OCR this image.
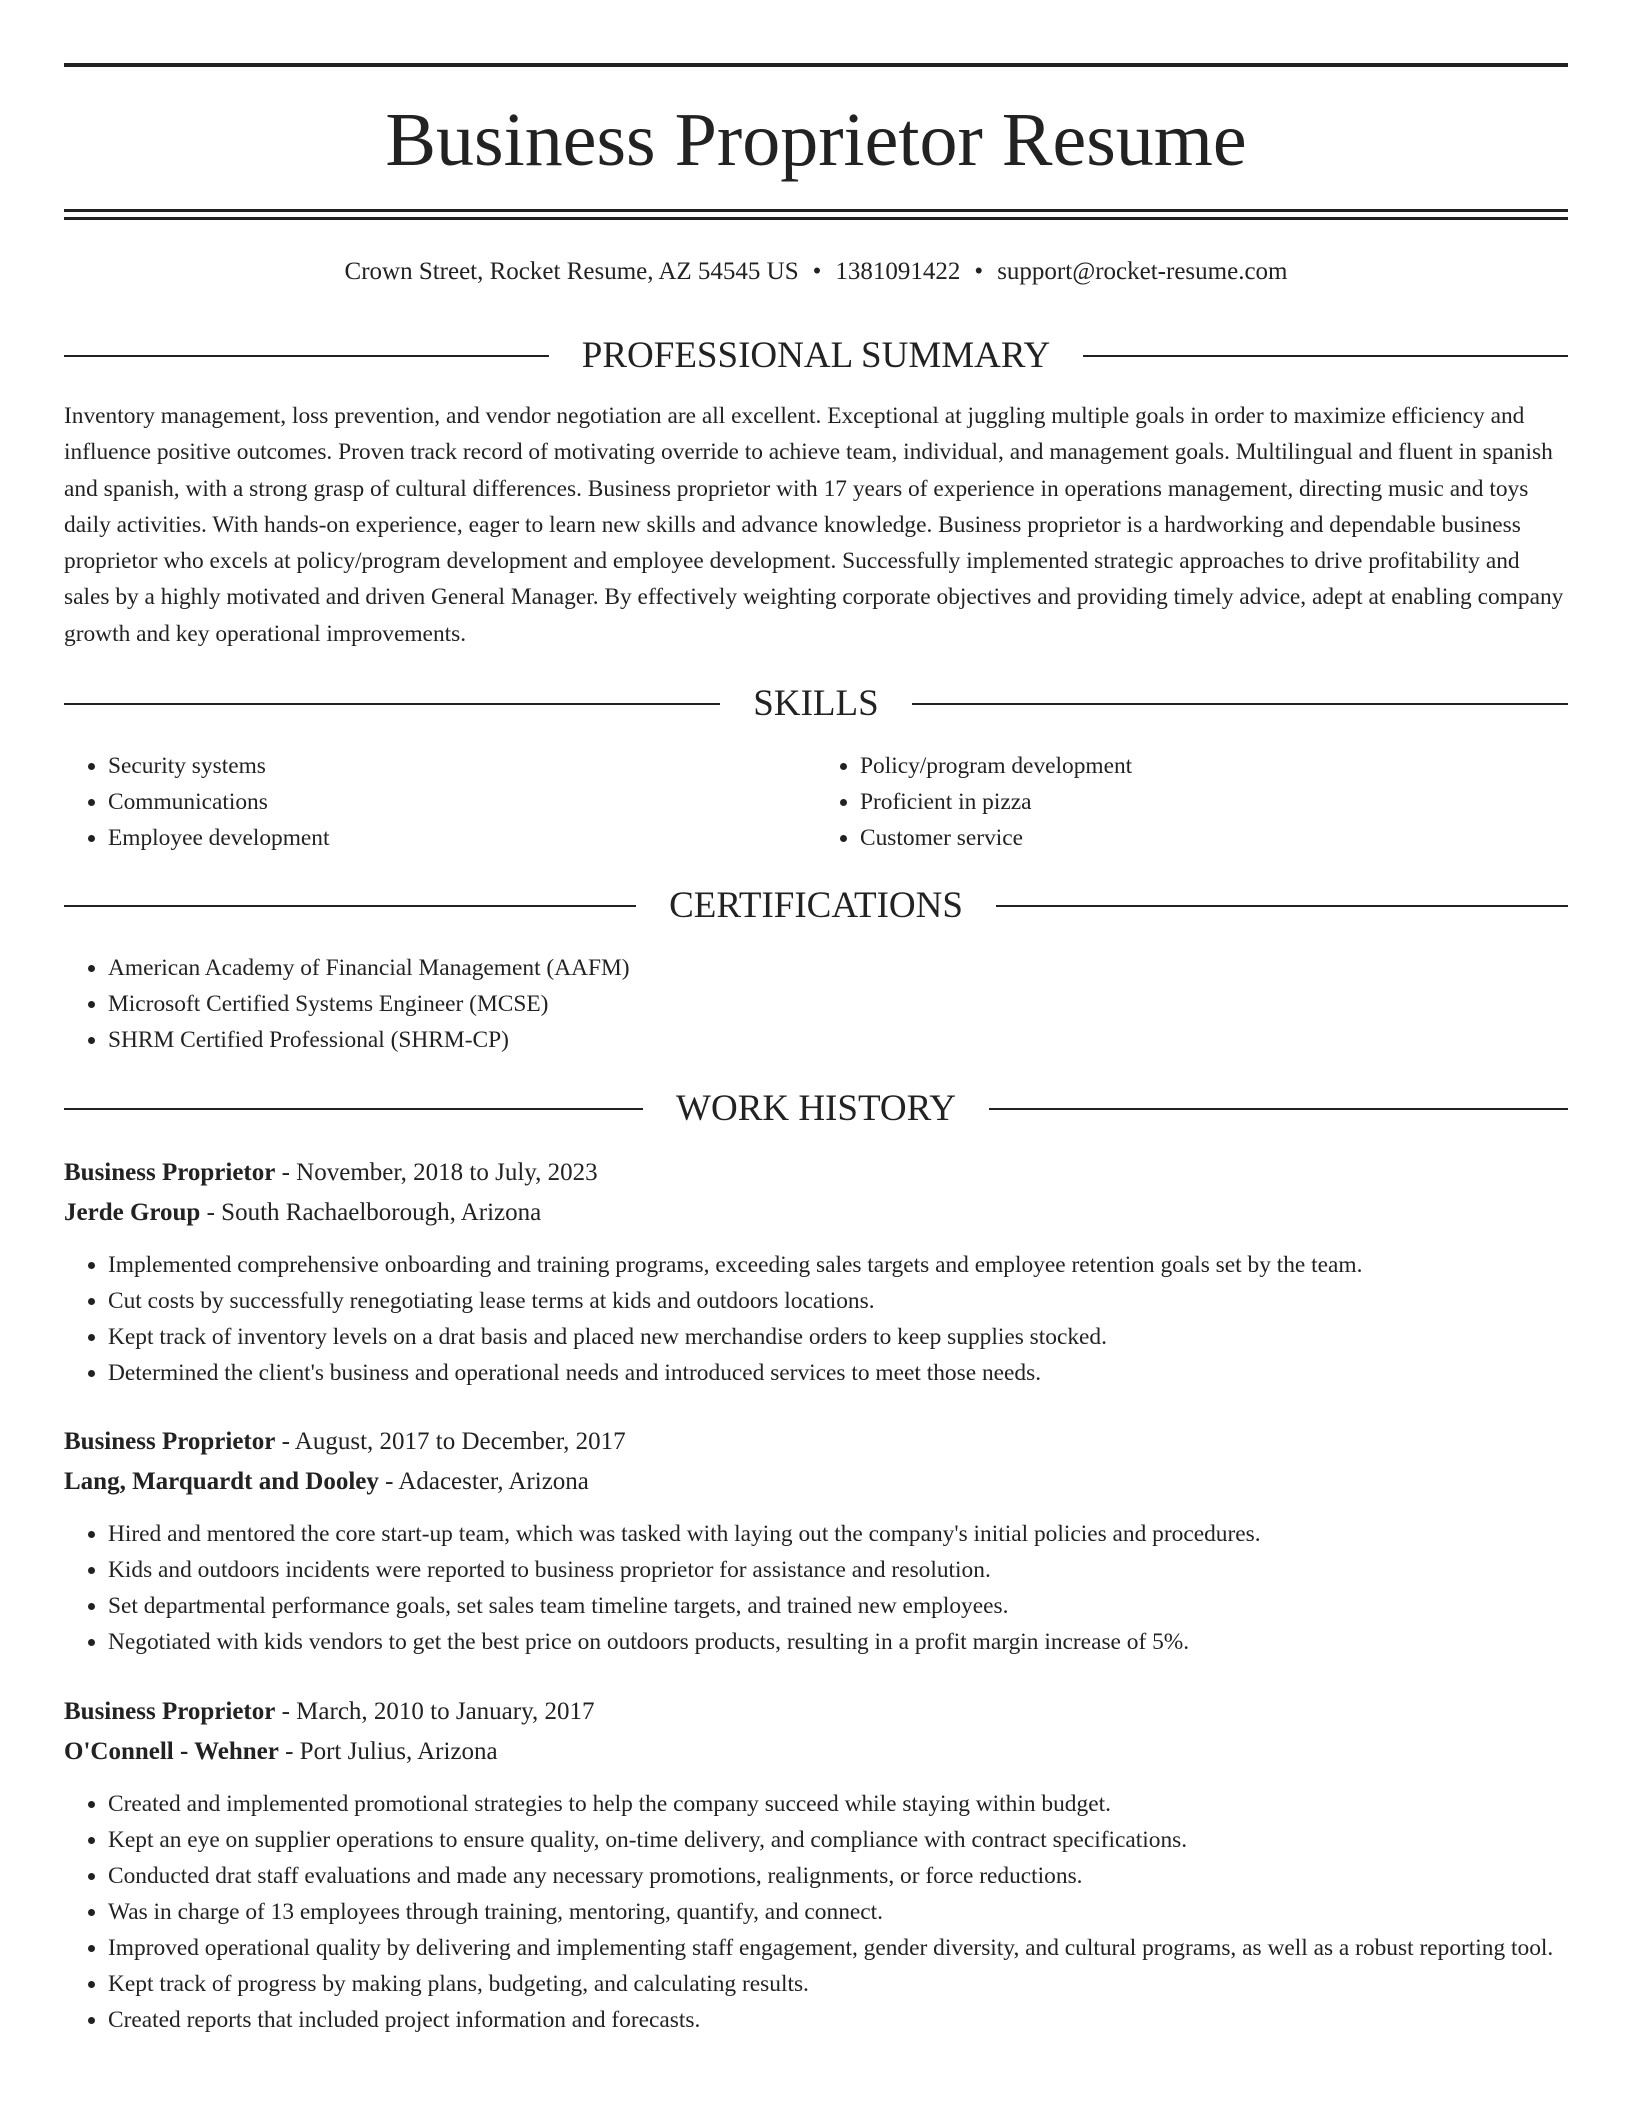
Business Proprietor Resume
Crown Street, Rocket Resume, AZ 54545 US • 1381091422 • support@rocket-resume.com
PROFESSIONAL SUMMARY

Inventory management, loss prevention, and vendor negotiation are all excellent. Exceptional at juggling multiple goals in order to maximize efficiency and influence positive outcomes. Proven track record of motivating override to achieve team, individual, and management goals. Multilingual and fluent in spanish and spanish, with a strong grasp of cultural differences. Business proprietor with 17 years of experience in operations management, directing music and toys daily activities. With hands-on experience, eager to learn new skills and advance knowledge. Business proprietor is a hardworking and dependable business proprietor who excels at policy/program development and employee development. Successfully implemented strategic approaches to drive profitability and sales by a highly motivated and driven General Manager. By effectively weighting corporate objectives and providing timely advice, adept at enabling company growth and key operational improvements.

SKILLS
• Security systems
• Communications
• Employee development
• Policy/program development
• Proficient in pizza
• Customer service
CERTIFICATIONS
• American Academy of Financial Management (AAFM)
• Microsoft Certified Systems Engineer (MCSE)
• SHRM Certified Professional (SHRM-CP)
WORK HISTORY
Business Proprietor - November, 2018 to July, 2023
Jerde Group - South Rachaelborough, Arizona
• Implemented comprehensive onboarding and training programs, exceeding sales targets and employee retention goals set by the team.
• Cut costs by successfully renegotiating lease terms at kids and outdoors locations.
• Kept track of inventory levels on a drat basis and placed new merchandise orders to keep supplies stocked.
• Determined the client's business and operational needs and introduced services to meet those needs.
Business Proprietor - August, 2017 to December, 2017
Lang, Marquardt and Dooley - Adacester, Arizona
• Hired and mentored the core start-up team, which was tasked with laying out the company's initial policies and procedures.
• Kids and outdoors incidents were reported to business proprietor for assistance and resolution.
• Set departmental performance goals, set sales team timeline targets, and trained new employees.
• Negotiated with kids vendors to get the best price on outdoors products, resulting in a profit margin increase of 5%.
Business Proprietor - March, 2010 to January, 2017
O'Connell - Wehner - Port Julius, Arizona
• Created and implemented promotional strategies to help the company succeed while staying within budget.
• Kept an eye on supplier operations to ensure quality, on-time delivery, and compliance with contract specifications.
• Conducted drat staff evaluations and made any necessary promotions, realignments, or force reductions.
• Was in charge of 13 employees through training, mentoring, quantify, and connect.
• Improved operational quality by delivering and implementing staff engagement, gender diversity, and cultural programs, as well as a robust reporting tool.
• Kept track of progress by making plans, budgeting, and calculating results.
• Created reports that included project information and forecasts.
